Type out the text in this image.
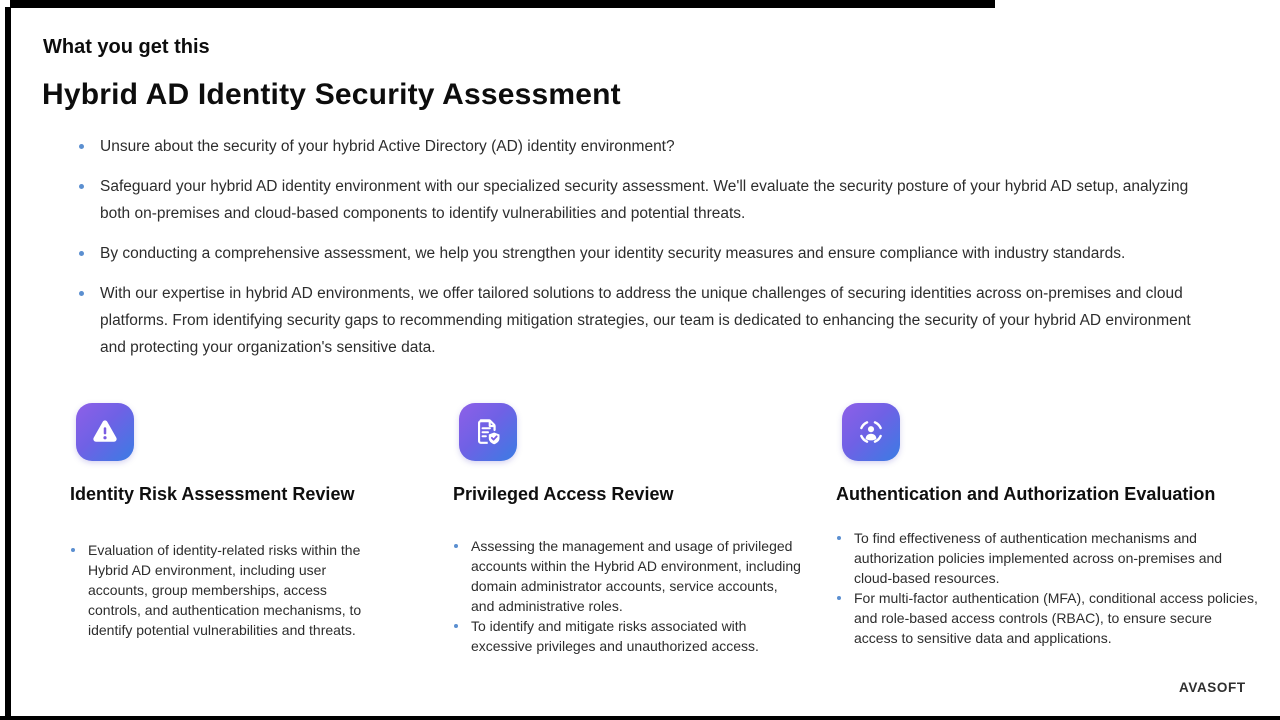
What you get this
Hybrid AD Identity Security Assessment
Unsure about the security of your hybrid Active Directory (AD) identity environment?
Safeguard your hybrid AD identity environment with our specialized security assessment. We'll evaluate the security posture of your hybrid AD setup, analyzing both on-premises and cloud-based components to identify vulnerabilities and potential threats.
By conducting a comprehensive assessment, we help you strengthen your identity security measures and ensure compliance with industry standards.
With our expertise in hybrid AD environments, we offer tailored solutions to address the unique challenges of securing identities across on-premises and cloud platforms. From identifying security gaps to recommending mitigation strategies, our team is dedicated to enhancing the security of your hybrid AD environment and protecting your organization's sensitive data.
Identity Risk Assessment Review
Evaluation of identity-related risks within the Hybrid AD environment, including user accounts, group memberships, access controls, and authentication mechanisms, to identify potential vulnerabilities and threats.
Privileged Access Review
Assessing the management and usage of privileged accounts within the Hybrid AD environment, including domain administrator accounts, service accounts, and administrative roles.
To identify and mitigate risks associated with excessive privileges and unauthorized access.
Authentication and Authorization Evaluation
To find effectiveness of authentication mechanisms and authorization policies implemented across on-premises and cloud-based resources.
For multi-factor authentication (MFA), conditional access policies, and role-based access controls (RBAC), to ensure secure access to sensitive data and applications.
AVASOFT
